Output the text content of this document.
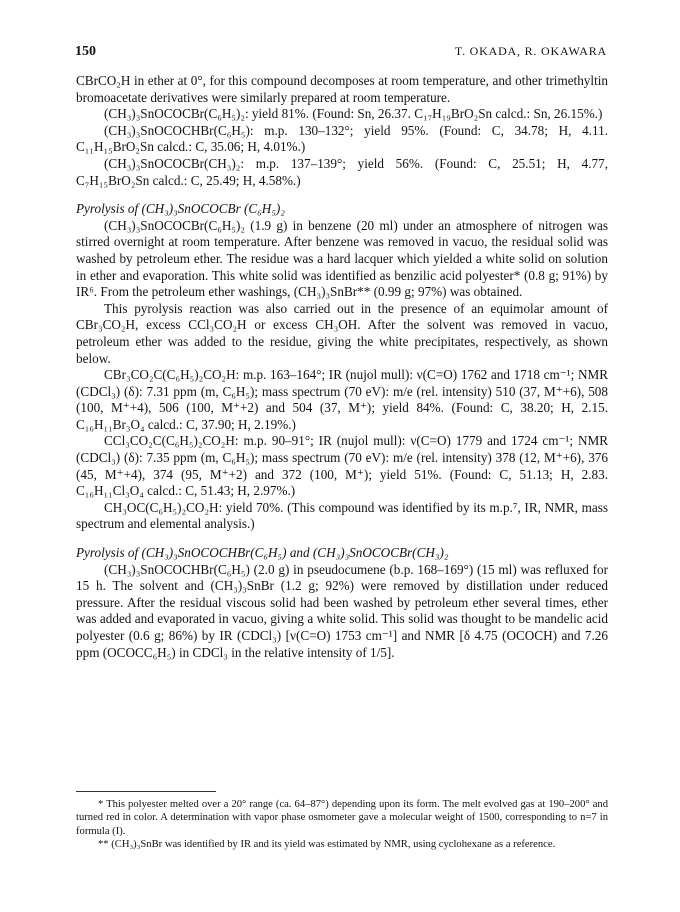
150	T. OKADA, R. OKAWARA

CBrCO₂H in ether at 0°, for this compound decomposes at room temperature, and other trimethyltin bromoacetate derivatives were similarly prepared at room temperature.

(CH₃)₃SnOCOCBr(C₆H₅)₂: yield 81%. (Found: Sn, 26.37. C₁₇H₁₉BrO₂Sn calcd.: Sn, 26.15%.)

(CH₃)₃SnOCOCHBr(C₆H₅): m.p. 130–132°; yield 95%. (Found: C, 34.78; H, 4.11. C₁₁H₁₅BrO₂Sn calcd.: C, 35.06; H, 4.01%.)

(CH₃)₃SnOCOCBr(CH₃)₂: m.p. 137–139°; yield 56%. (Found: C, 25.51; H, 4.77, C₇H₁₅BrO₂Sn calcd.: C, 25.49; H, 4.58%.)

Pyrolysis of (CH₃)₃SnOCOCBr (C₆H₅)₂

(CH₃)₃SnOCOCBr(C₆H₅)₂ (1.9 g) in benzene (20 ml) under an atmosphere of nitrogen was stirred overnight at room temperature. After benzene was removed in vacuo, the residual solid was washed by petroleum ether. The residue was a hard lacquer which yielded a white solid on solution in ether and evaporation. This white solid was identified as benzilic acid polyester* (0.8 g; 91%) by IR⁶. From the petroleum ether washings, (CH₃)₃SnBr** (0.99 g; 97%) was obtained.

This pyrolysis reaction was also carried out in the presence of an equimolar amount of CBr₃CO₂H, excess CCl₃CO₂H or excess CH₃OH. After the solvent was removed in vacuo, petroleum ether was added to the residue, giving the white precipitates, respectively, as shown below.

CBr₃CO₂C(C₆H₅)₂CO₂H: m.p. 163–164°; IR (nujol mull): ν(C=O) 1762 and 1718 cm⁻¹; NMR (CDCl₃) (δ): 7.31 ppm (m, C₆H₅); mass spectrum (70 eV): m/e (rel. intensity) 510 (37, M⁺+6), 508 (100, M⁺+4), 506 (100, M⁺+2) and 504 (37, M⁺); yield 84%. (Found: C, 38.20; H, 2.15. C₁₆H₁₁Br₃O₄ calcd.: C, 37.90; H, 2.19%.)

CCl₃CO₂C(C₆H₅)₂CO₂H: m.p. 90–91°; IR (nujol mull): ν(C=O) 1779 and 1724 cm⁻¹; NMR (CDCl₃) (δ): 7.35 ppm (m, C₆H₅); mass spectrum (70 eV): m/e (rel. intensity) 378 (12, M⁺+6), 376 (45, M⁺+4), 374 (95, M⁺+2) and 372 (100, M⁺); yield 51%. (Found: C, 51.13; H, 2.83. C₁₆H₁₁Cl₃O₄ calcd.: C, 51.43; H, 2.97%.)

CH₃OC(C₆H₅)₂CO₂H: yield 70%. (This compound was identified by its m.p.⁷, IR, NMR, mass spectrum and elemental analysis.)

Pyrolysis of (CH₃)₃SnOCOCHBr(C₆H₅) and (CH₃)₃SnOCOCBr(CH₃)₂

(CH₃)₃SnOCOCHBr(C₆H₅) (2.0 g) in pseudocumene (b.p. 168–169°) (15 ml) was refluxed for 15 h. The solvent and (CH₃)₃SnBr (1.2 g; 92%) were removed by distillation under reduced pressure. After the residual viscous solid had been washed by petroleum ether several times, ether was added and evaporated in vacuo, giving a white solid. This solid was thought to be mandelic acid polyester (0.6 g; 86%) by IR (CDCl₃) [ν(C=O) 1753 cm⁻¹] and NMR [δ 4.75 (OCOCH) and 7.26 ppm (OCOCC₆H₅) in CDCl₃ in the relative intensity of 1/5].

* This polyester melted over a 20° range (ca. 64–87°) depending upon its form. The melt evolved gas at 190–200° and turned red in color. A determination with vapor phase osmometer gave a molecular weight of 1500, corresponding to n=7 in formula (I).

** (CH₃)₃SnBr was identified by IR and its yield was estimated by NMR, using cyclohexane as a reference.
